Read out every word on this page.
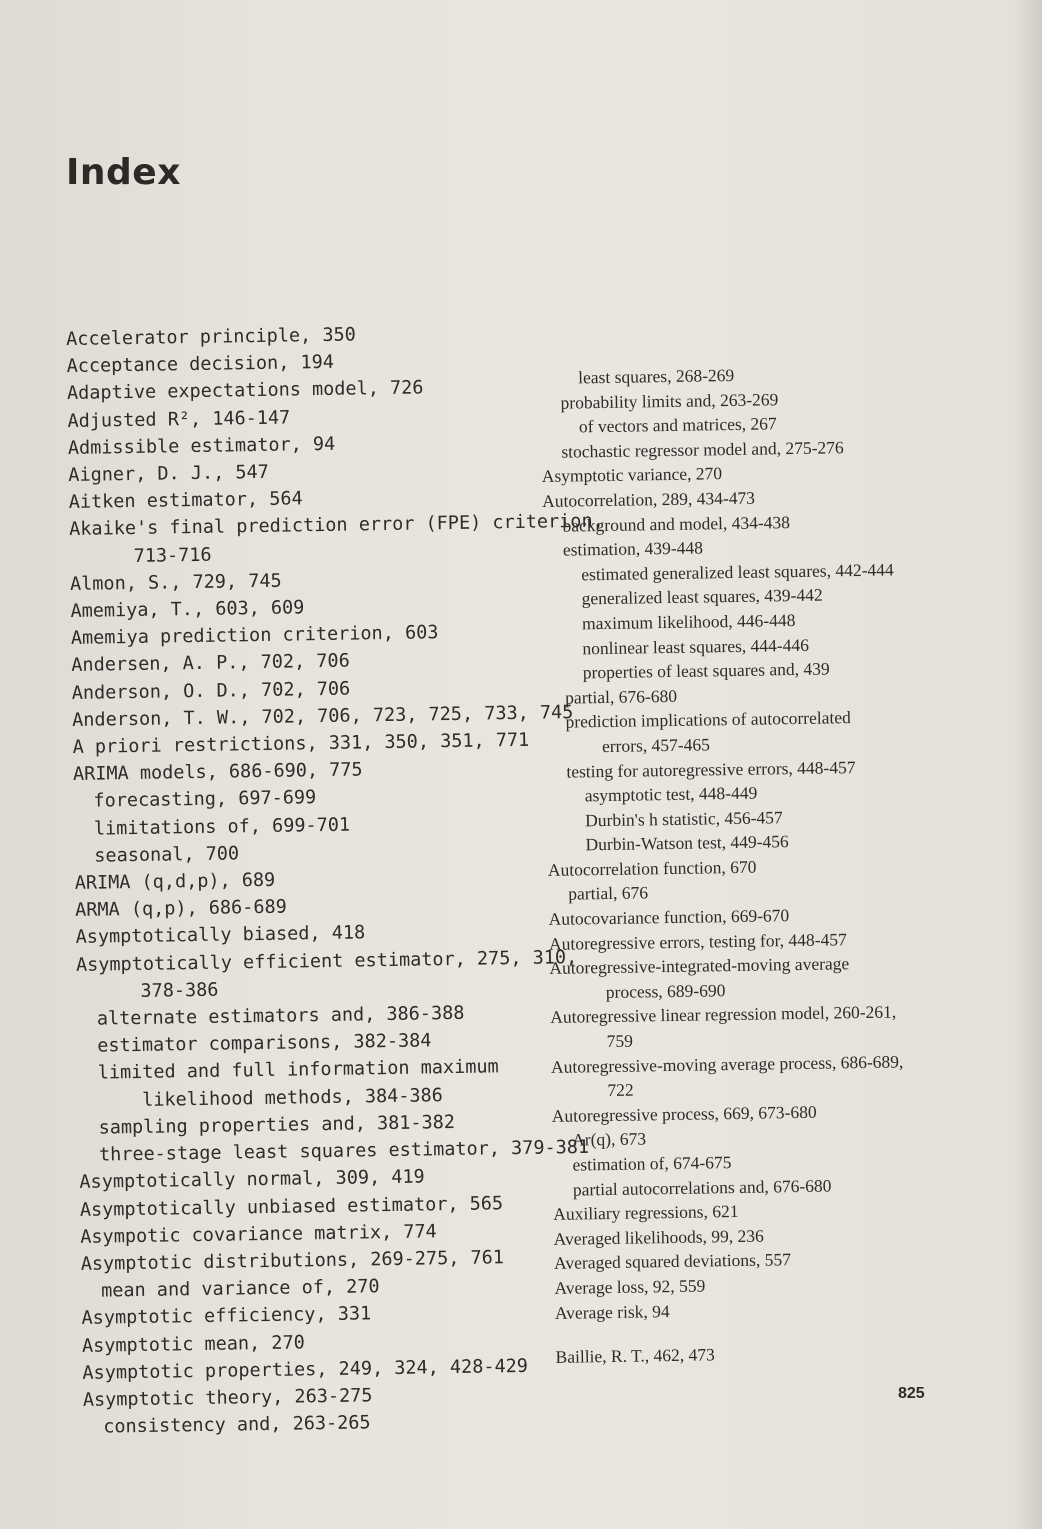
Index
Accelerator principle, 350
Acceptance decision, 194
Adaptive expectations model, 726
Adjusted R², 146-147
Admissible estimator, 94
Aigner, D. J., 547
Aitken estimator, 564
Akaike's final prediction error (FPE) criterion,
713-716
Almon, S., 729, 745
Amemiya, T., 603, 609
Amemiya prediction criterion, 603
Andersen, A. P., 702, 706
Anderson, O. D., 702, 706
Anderson, T. W., 702, 706, 723, 725, 733, 745
A priori restrictions, 331, 350, 351, 771
ARIMA models, 686-690, 775
forecasting, 697-699
limitations of, 699-701
seasonal, 700
ARIMA (q,d,p), 689
ARMA (q,p), 686-689
Asymptotically biased, 418
Asymptotically efficient estimator, 275, 310,
378-386
alternate estimators and, 386-388
estimator comparisons, 382-384
limited and full information maximum
likelihood methods, 384-386
sampling properties and, 381-382
three-stage least squares estimator, 379-381
Asymptotically normal, 309, 419
Asymptotically unbiased estimator, 565
Asympotic covariance matrix, 774
Asymptotic distributions, 269-275, 761
mean and variance of, 270
Asymptotic efficiency, 331
Asymptotic mean, 270
Asymptotic properties, 249, 324, 428-429
Asymptotic theory, 263-275
consistency and, 263-265
least squares, 268-269
probability limits and, 263-269
of vectors and matrices, 267
stochastic regressor model and, 275-276
Asymptotic variance, 270
Autocorrelation, 289, 434-473
background and model, 434-438
estimation, 439-448
estimated generalized least squares, 442-444
generalized least squares, 439-442
maximum likelihood, 446-448
nonlinear least squares, 444-446
properties of least squares and, 439
partial, 676-680
prediction implications of autocorrelated
errors, 457-465
testing for autoregressive errors, 448-457
asymptotic test, 448-449
Durbin's h statistic, 456-457
Durbin-Watson test, 449-456
Autocorrelation function, 670
partial, 676
Autocovariance function, 669-670
Autoregressive errors, testing for, 448-457
Autoregressive-integrated-moving average
process, 689-690
Autoregressive linear regression model, 260-261,
759
Autoregressive-moving average process, 686-689,
722
Autoregressive process, 669, 673-680
Ar(q), 673
estimation of, 674-675
partial autocorrelations and, 676-680
Auxiliary regressions, 621
Averaged likelihoods, 99, 236
Averaged squared deviations, 557
Average loss, 92, 559
Average risk, 94
Baillie, R. T., 462, 473

825
